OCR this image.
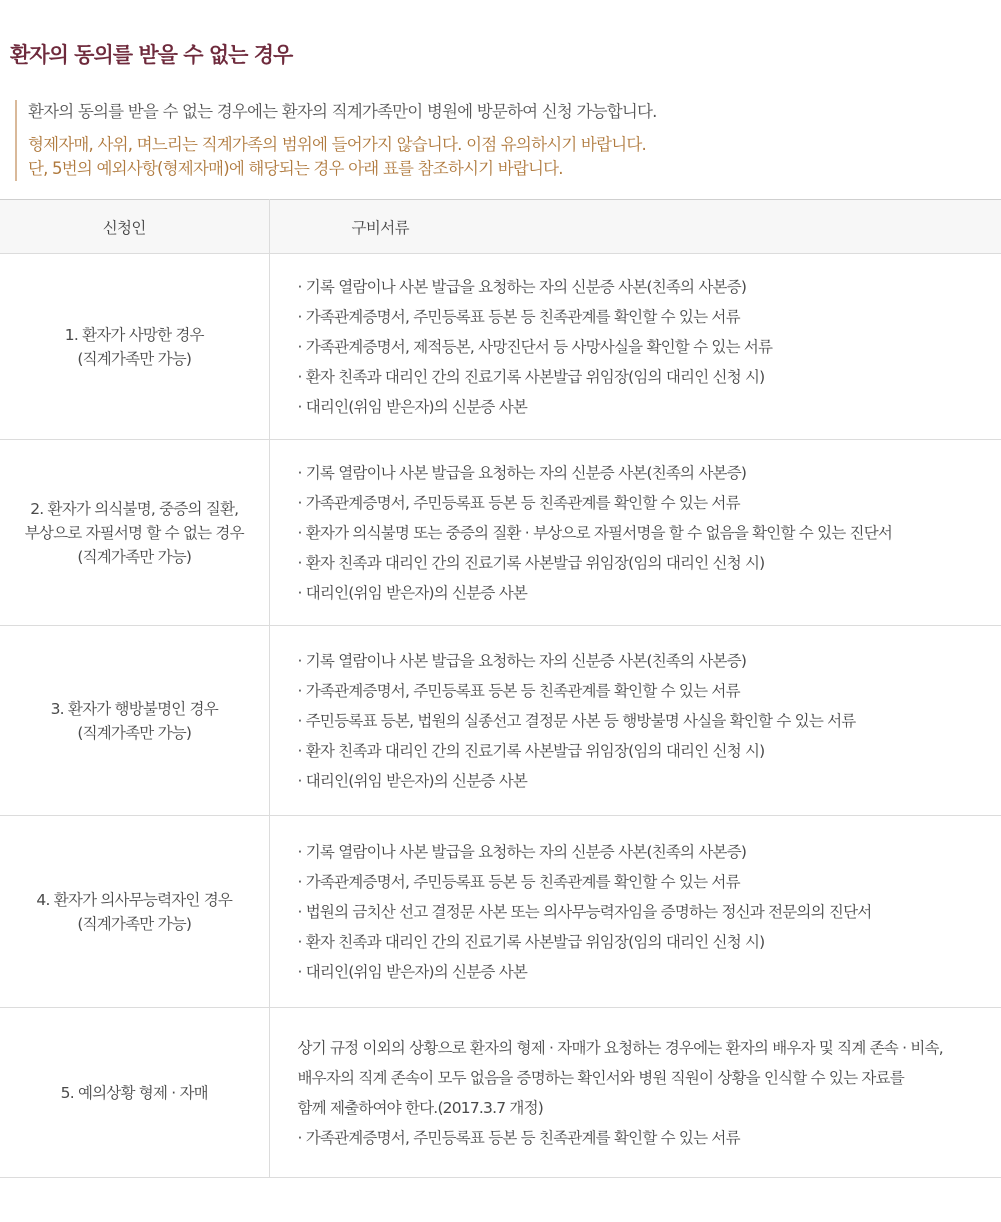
환자의 동의를 받을 수 없는 경우
환자의 동의를 받을 수 없는 경우에는 환자의 직계가족만이 병원에 방문하여 신청 가능합니다.
형제자매, 사위, 며느리는 직계가족의 범위에 들어가지 않습니다. 이점 유의하시기 바랍니다.
단, 5번의 예외사항(형제자매)에 해당되는 경우 아래 표를 참조하시기 바랍니다.
신청인	구비서류

1. 환자가 사망한 경우
(직계가족만 가능)	· 기록 열람이나 사본 발급을 요청하는 자의 신분증 사본(친족의 사본증)
· 가족관계증명서, 주민등록표 등본 등 친족관계를 확인할 수 있는 서류
· 가족관계증명서, 제적등본, 사망진단서 등 사망사실을 확인할 수 있는 서류
· 환자 친족과 대리인 간의 진료기록 사본발급 위임장(임의 대리인 신청 시)
· 대리인(위임 받은자)의 신분증 사본

2. 환자가 의식불명, 중증의 질환,
부상으로 자필서명 할 수 없는 경우
(직계가족만 가능)	· 기록 열람이나 사본 발급을 요청하는 자의 신분증 사본(친족의 사본증)
· 가족관계증명서, 주민등록표 등본 등 친족관계를 확인할 수 있는 서류
· 환자가 의식불명 또는 중증의 질환 · 부상으로 자필서명을 할 수 없음을 확인할 수 있는 진단서
· 환자 친족과 대리인 간의 진료기록 사본발급 위임장(임의 대리인 신청 시)
· 대리인(위임 받은자)의 신분증 사본

3. 환자가 행방불명인 경우
(직계가족만 가능)	· 기록 열람이나 사본 발급을 요청하는 자의 신분증 사본(친족의 사본증)
· 가족관계증명서, 주민등록표 등본 등 친족관계를 확인할 수 있는 서류
· 주민등록표 등본, 법원의 실종선고 결정문 사본 등 행방불명 사실을 확인할 수 있는 서류
· 환자 친족과 대리인 간의 진료기록 사본발급 위임장(임의 대리인 신청 시)
· 대리인(위임 받은자)의 신분증 사본

4. 환자가 의사무능력자인 경우
(직계가족만 가능)	· 기록 열람이나 사본 발급을 요청하는 자의 신분증 사본(친족의 사본증)
· 가족관계증명서, 주민등록표 등본 등 친족관계를 확인할 수 있는 서류
· 법원의 금치산 선고 결정문 사본 또는 의사무능력자임을 증명하는 정신과 전문의의 진단서
· 환자 친족과 대리인 간의 진료기록 사본발급 위임장(임의 대리인 신청 시)
· 대리인(위임 받은자)의 신분증 사본

5. 예의상황 형제 · 자매	상기 규정 이외의 상황으로 환자의 형제 · 자매가 요청하는 경우에는 환자의 배우자 및 직계 존속 · 비속,
배우자의 직계 존속이 모두 없음을 증명하는 확인서와 병원 직원이 상황을 인식할 수 있는 자료를
함께 제출하여야 한다.(2017.3.7 개정)
· 가족관계증명서, 주민등록표 등본 등 친족관계를 확인할 수 있는 서류
